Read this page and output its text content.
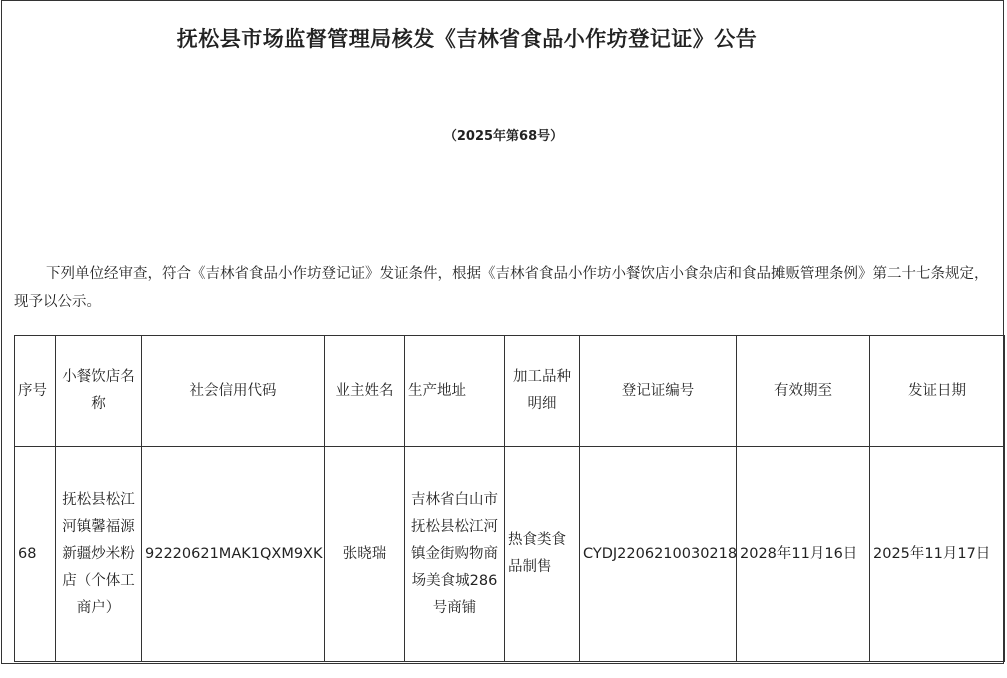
抚松县市场监督管理局核发《吉林省食品小作坊登记证》公告
（2025年第68号）
下列单位经审查，符合《吉林省食品小作坊登记证》发证条件，根据《吉林省食品小作坊小餐饮店小食杂店和食品摊贩管理条例》第二十七条规定，现予以公示。
序号	小餐饮店名称	社会信用代码	业主姓名	生产地址	加工品种明细	登记证编号	有效期至	发证日期
68	抚松县松江河镇馨福源新疆炒米粉店（个体工商户）	92220621MAK1QXM9XK	张晓瑞	吉林省白山市抚松县松江河镇金街购物商场美食城286号商铺	热食类食品制售	CYDJ2206210030218	2028年11月16日	2025年11月17日
